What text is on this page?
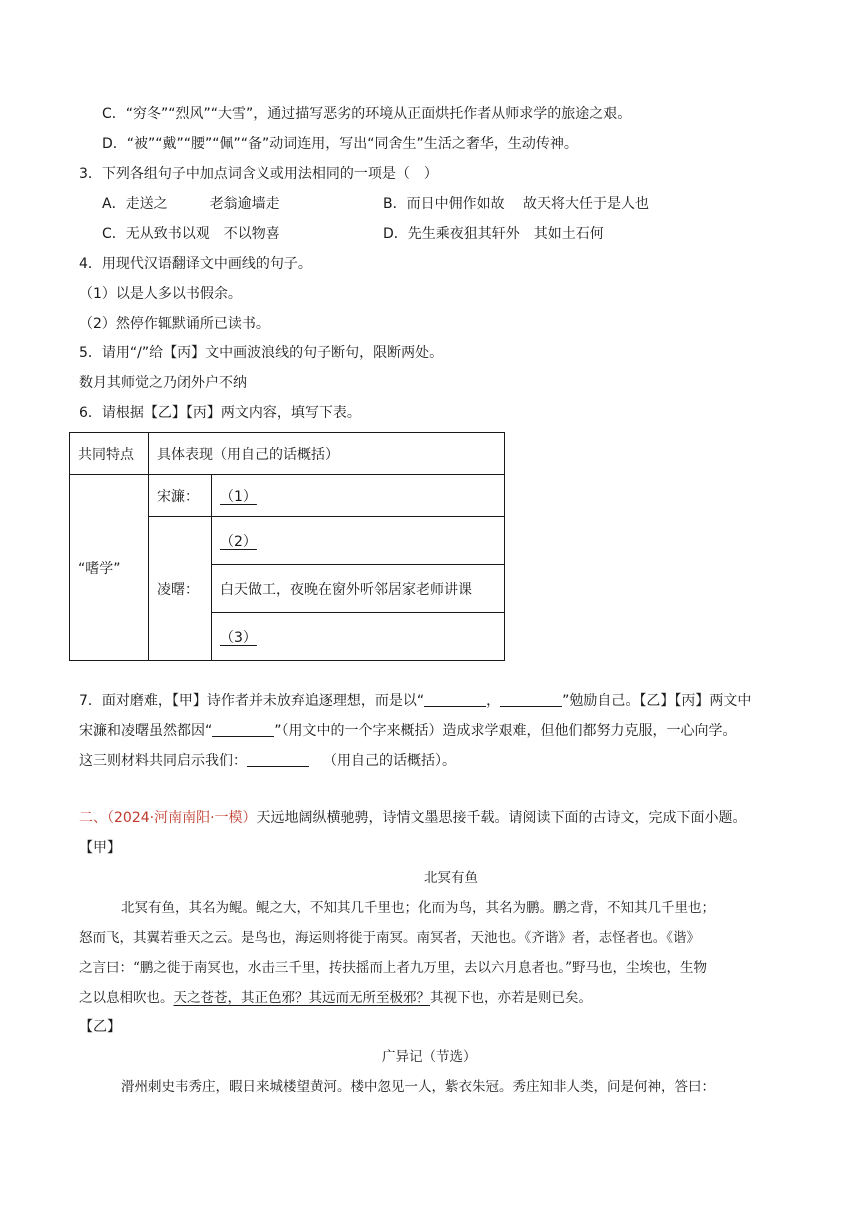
C．“穷冬”“烈风”“大雪”，通过描写恶劣的环境从正面烘托作者从师求学的旅途之艰。
D．“被”“戴”“腰”“佩”“备”动词连用，写出“同舍生”生活之奢华，生动传神。
3．下列各组句子中加点词含义或用法相同的一项是（　）
A．走送之　　　老翁逾墙走	B．而日中佣作如故　 故天将大任于是人也
C．无从致书以观　不以物喜	D．先生乘夜狙其轩外　其如土石何
4．用现代汉语翻译文中画线的句子。
（1）以是人多以书假余。
（2）然停作辄默诵所已读书。
5．请用“/”给【丙】文中画波浪线的句子断句，限断两处。
数月其师觉之乃闭外户不纳
6．请根据【乙】【丙】两文内容，填写下表。
共同特点	具体表现（用自己的话概括）	
“嗜学”	宋濂：	（1）
	凌曙：	（2）
		白天做工，夜晚在窗外听邻居家老师讲课
		（3）
7．面对磨难，【甲】诗作者并未放弃追逐理想，而是以“	，	”勉励自己。【乙】【丙】两文中
宋濂和凌曙虽然都因“	”（用文中的一个字来概括）造成求学艰难，但他们都努力克服，一心向学。
这三则材料共同启示我们：	（用自己的话概括）。
二、（2024·河南南阳·一模）天远地阔纵横驰骋，诗情文墨思接千载。请阅读下面的古诗文，完成下面小题。
【甲】
北冥有鱼
北冥有鱼，其名为鲲。鲲之大，不知其几千里也；化而为鸟，其名为鹏。鹏之背，不知其几千里也；
怒而飞，其翼若垂天之云。是鸟也，海运则将徙于南冥。南冥者，天池也。《齐谐》者，志怪者也。《谐》
之言曰：“鹏之徙于南冥也，水击三千里，抟扶摇而上者九万里，去以六月息者也。”野马也，尘埃也，生物
之以息相吹也。天之苍苍，其正色邪？其远而无所至极邪？其视下也，亦若是则已矣。
【乙】
广异记（节选）
滑州刺史韦秀庄，暇日来城楼望黄河。楼中忽见一人，紫衣朱冠。秀庄知非人类，问是何神，答曰：
